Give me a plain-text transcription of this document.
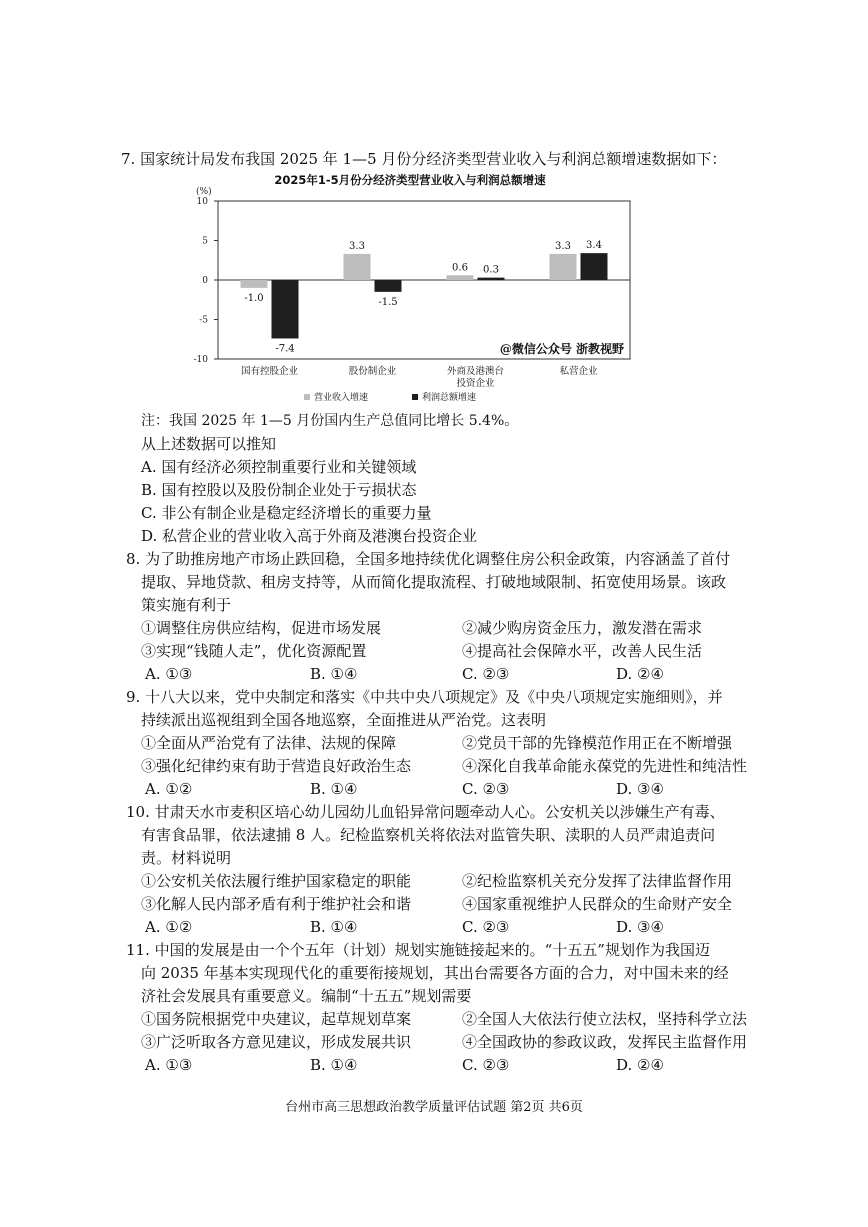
7. 国家统计局发布我国 2025 年 1—5 月份分经济类型营业收入与利润总额增速数据如下：
2025年1-5月份分经济类型营业收入与利润总额增速
(%)
10
5
0
-5
-10
-1.0
-7.4
国有控股企业
3.3
-1.5
股份制企业
0.6 0.3
外商及港澳台
投资企业
3.3 3.4
私营企业
@微信公众号 浙教视野
营业收入增速	利润总额增速
注：我国 2025 年 1—5 月份国内生产总值同比增长 5.4%。
从上述数据可以推知
A. 国有经济必须控制重要行业和关键领域
B. 国有控股以及股份制企业处于亏损状态
C. 非公有制企业是稳定经济增长的重要力量
D. 私营企业的营业收入高于外商及港澳台投资企业
8. 为了助推房地产市场止跌回稳，全国多地持续优化调整住房公积金政策，内容涵盖了首付
提取、异地贷款、租房支持等，从而简化提取流程、打破地域限制、拓宽使用场景。该政
策实施有利于
①调整住房供应结构，促进市场发展	②减少购房资金压力，激发潜在需求
③实现“钱随人走”，优化资源配置	④提高社会保障水平，改善人民生活
A. ①③	B. ①④	C. ②③	D. ②④
9. 十八大以来，党中央制定和落实《中共中央八项规定》及《中央八项规定实施细则》，并
持续派出巡视组到全国各地巡察，全面推进从严治党。这表明
①全面从严治党有了法律、法规的保障	②党员干部的先锋模范作用正在不断增强
③强化纪律约束有助于营造良好政治生态	④深化自我革命能永葆党的先进性和纯洁性
A. ①②	B. ①④	C. ②③	D. ③④
10. 甘肃天水市麦积区培心幼儿园幼儿血铅异常问题牵动人心。公安机关以涉嫌生产有毒、
有害食品罪，依法逮捕 8 人。纪检监察机关将依法对监管失职、渎职的人员严肃追责问
责。材料说明
①公安机关依法履行维护国家稳定的职能	②纪检监察机关充分发挥了法律监督作用
③化解人民内部矛盾有利于维护社会和谐	④国家重视维护人民群众的生命财产安全
A. ①②	B. ①④	C. ②③	D. ③④
11. 中国的发展是由一个个五年（计划）规划实施链接起来的。“十五五”规划作为我国迈
向 2035 年基本实现现代化的重要衔接规划，其出台需要各方面的合力，对中国未来的经
济社会发展具有重要意义。编制“十五五”规划需要
①国务院根据党中央建议，起草规划草案	②全国人大依法行使立法权，坚持科学立法
③广泛听取各方意见建议，形成发展共识	④全国政协的参政议政，发挥民主监督作用
A. ①③	B. ①④	C. ②③	D. ②④
台州市高三思想政治教学质量评估试题 第2页 共6页
